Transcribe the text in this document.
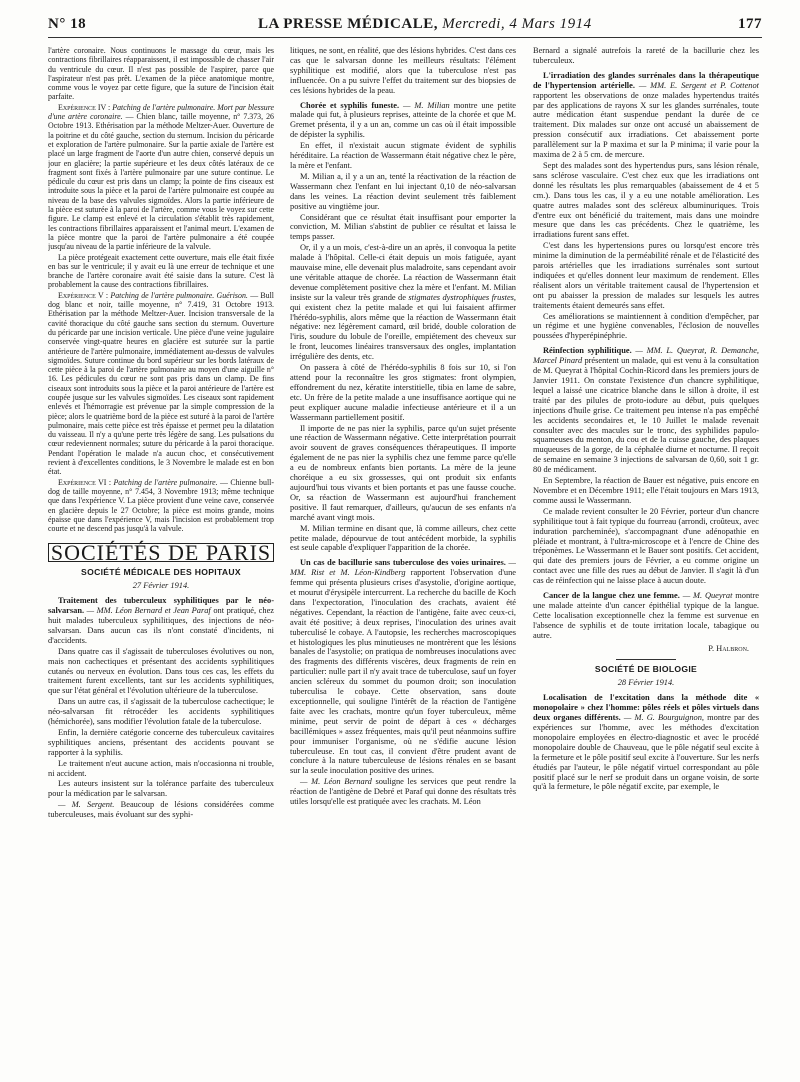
N° 18	LA PRESSE MÉDICALE, Mercredi, 4 Mars 1914	177

l'artère coronaire. Nous continuons le massage du cœur, mais les contractions fibrillaires réapparaissent, il est impossible de chasser l'air du ventricule du cœur. Il n'est pas possible de l'aspirer, parce que l'aspirateur n'est pas prêt. L'examen de la pièce anatomique montre, comme vous le voyez par cette figure, que la suture de l'incision était parfaite.

Expérience IV : Patching de l'artère pulmonaire. Mort par blessure d'une artère coronaire. — Chien blanc, taille moyenne, n° 7.373, 26 Octobre 1913. Ethérisation par la méthode Meltzer-Auer. Ouverture de la poitrine et du côté gauche, section du sternum. Incision du péricarde et exploration de l'artère pulmonaire. Sur la partie axiale de l'artère est placé un large fragment de l'aorte d'un autre chien, conservé depuis un jour en glacière; la partie supérieure et les deux côtés latéraux de ce fragment sont fixés à l'artère pulmonaire par une suture continue. Le pédicule du cœur est pris dans un clamp; la pointe de fins ciseaux est introduite sous la pièce et la paroi de l'artère pulmonaire est coupée au niveau de la base des valvules sigmoïdes. Alors la partie inférieure de la pièce est suturée à la paroi de l'artère, comme vous le voyez sur cette figure. Le clamp est enlevé et la circulation s'établit très rapidement, les contractions fibrillaires apparaissent et l'animal meurt. L'examen de la pièce montre que la paroi de l'artère pulmonaire a été coupée jusqu'au niveau de la partie inférieure de la valvule.

La pièce protégeait exactement cette ouverture, mais elle était fixée en bas sur le ventricule; il y avait eu là une erreur de technique et une branche de l'artère coronaire avait été saisie dans la suture. C'est là probablement la cause des contractions fibrillaires.

Expérience V : Patching de l'artère pulmonaire. Guérison. — Bull dog blanc et noir, taille moyenne, n° 7.419, 31 Octobre 1913. Ethérisation par la méthode Meltzer-Auer. Incision transversale de la cavité thoracique du côté gauche sans section du sternum. Ouverture du péricarde par une incision verticale. Une pièce d'une veine jugulaire conservée vingt-quatre heures en glacière est suturée sur la partie antérieure de l'artère pulmonaire, immédiatement au-dessus de valvules sigmoïdes. Suture continue du bord supérieur sur les bords latéraux de cette pièce à la paroi de l'artère pulmonaire au moyen d'une aiguille n° 16. Les pédicules du cœur ne sont pas pris dans un clamp. De fins ciseaux sont introduits sous la pièce et la paroi antérieure de l'artère est coupée jusque sur les valvules sigmoïdes. Les ciseaux sont rapidement enlevés et l'hémorragie est prévenue par la simple compression de la pièce; alors le quatrième bord de la pièce est suturé à la paroi de l'artère pulmonaire, mais cette pièce est très épaisse et permet peu la dilatation du vaisseau. Il n'y a qu'une perte très légère de sang. Les pulsations du cœur redeviennent normales; suture du péricarde à la paroi thoracique. Pendant l'opération le malade n'a aucun choc, et consécutivement revient à d'excellentes conditions, le 3 Novembre le malade est en bon état.

Expérience VI : Patching de l'artère pulmonaire. — Chienne bull-dog de taille moyenne, n° 7.454, 3 Novembre 1913; même technique que dans l'expérience V. La pièce provient d'une veine cave, conservée en glacière depuis le 27 Octobre; la pièce est moins grande, moins épaisse que dans l'expérience V, mais l'incision est probablement trop courte et ne descend pas jusqu'à la valvule.

SOCIÉTÉS DE PARIS
SOCIÉTÉ MÉDICALE DES HOPITAUX
27 Février 1914.

Traitement des tuberculeux syphilitiques par le néo-salvarsan. — MM. Léon Bernard et Jean Paraf ont pratiqué, chez huit malades tuberculeux syphilitiques, des injections de néo-salvarsan. Dans aucun cas ils n'ont constaté d'incidents, ni d'accidents.

Dans quatre cas il s'agissait de tuberculoses évolutives ou non, mais non cachectiques et présentant des accidents syphilitiques cutanés ou nerveux en évolution. Dans tous ces cas, les effets du traitement furent excellents, tant sur les accidents syphilitiques, que sur l'état général et l'évolution ultérieure de la tuberculose.

Dans un autre cas, il s'agissait de la tuberculose cachectique; le néo-salvarsan fit rétrocéder les accidents syphilitiques (hémichorée), sans modifier l'évolution fatale de la tuberculose.

Enfin, la dernière catégorie concerne des tuberculeux cavitaires syphilitiques anciens, présentant des accidents pouvant se rapporter à la syphilis.

Le traitement n'eut aucune action, mais n'occasionna ni trouble, ni accident.

Les auteurs insistent sur la tolérance parfaite des tuberculeux pour la médication par le salvarsan.

— M. Sergent. Beaucoup de lésions considérées comme tuberculeuses, mais évoluant sur des syphi-

litiques, ne sont, en réalité, que des lésions hybrides. C'est dans ces cas que le salvarsan donne les meilleurs résultats: l'élément syphilitique est modifié, alors que la tuberculose n'est pas influencée. On a pu suivre l'effet du traitement sur des biopsies de ces lésions hybrides de la peau.

Chorée et syphilis funeste. — M. Milian montre une petite malade qui fut, à plusieurs reprises, atteinte de la chorée et que M. Gremet présenta, il y a un an, comme un cas où il était impossible de dépister la syphilis.

En effet, il n'existait aucun stigmate évident de syphilis héréditaire. La réaction de Wassermann était négative chez le père, la mère et l'enfant.

M. Milian a, il y a un an, tenté la réactivation de la réaction de Wassermann chez l'enfant en lui injectant 0,10 de néo-salvarsan dans les veines. La réaction devint seulement très faiblement positive au vingtième jour.

Considérant que ce résultat était insuffisant pour emporter la conviction, M. Milian s'abstint de publier ce résultat et laissa le temps passer.

Or, il y a un mois, c'est-à-dire un an après, il convoqua la petite malade à l'hôpital. Celle-ci était depuis un mois fatiguée, ayant mauvaise mine, elle devenait plus maladroite, sans cependant avoir une véritable attaque de chorée. La réaction de Wassermann était devenue complètement positive chez la mère et l'enfant. M. Milian insiste sur la valeur très grande de stigmates dystrophiques frustes, qui existent chez la petite malade et qui lui faisaient affirmer l'hérédo-syphilis, alors même que la réaction de Wassermann était négative: nez légèrement camard, œil bridé, double coloration de l'iris, soudure du lobule de l'oreille, empiétement des cheveux sur le front, leucomes linéaires transversaux des ongles, implantation irrégulière des dents, etc.

On passera à côté de l'hérédo-syphilis 8 fois sur 10, si l'on attend pour la reconnaître les gros stigmates: front olympien, effondrement du nez, kératite interstitielle, tibia en lame de sabre, etc. Un frère de la petite malade a une insuffisance aortique qui ne peut expliquer aucune maladie infectieuse antérieure et il a un Wassermann partiellement positif.

Il importe de ne pas nier la syphilis, parce qu'un sujet présente une réaction de Wassermann négative. Cette interprétation pourrait avoir souvent de graves conséquences thérapeutiques. Il importe également de ne pas nier la syphilis chez une femme parce qu'elle a eu de nombreux enfants bien portants. La mère de la jeune choréique a eu six grossesses, qui ont produit six enfants aujourd'hui tous vivants et bien portants et pas une fausse couche. Or, sa réaction de Wassermann est aujourd'hui franchement positive. Il faut remarquer, d'ailleurs, qu'aucun de ses enfants n'a marché avant vingt mois.

M. Milian termine en disant que, là comme ailleurs, chez cette petite malade, dépourvue de tout antécédent morbide, la syphilis est seule capable d'expliquer l'apparition de la chorée.

Un cas de bacillurie sans tuberculose des voies urinaires. — MM. Rist et M. Léon-Kindberg rapportent l'observation d'une femme qui présenta plusieurs crises d'asystolie, d'origine aortique, et mourut d'érysipèle intercurrent. La recherche du bacille de Koch dans l'expectoration, l'inoculation des crachats, avaient été négatives. Cependant, la réaction de l'antigène, faite avec ceux-ci, avait été positive; à deux reprises, l'inoculation des urines avait tuberculisé le cobaye. A l'autopsie, les recherches macroscopiques et histologiques les plus minutieuses ne montrèrent que les lésions banales de l'asystolie; on pratiqua de nombreuses inoculations avec des fragments des différents viscères, deux fragments de rein en particulier: nulle part il n'y avait trace de tuberculose, sauf un foyer ancien scléreux du sommet du poumon droit; son inoculation tuberculisa le cobaye. Cette observation, sans doute exceptionnelle, qui souligne l'intérêt de la réaction de l'antigène faite avec les crachats, montre qu'un foyer tuberculeux, même minime, peut servir de point de départ à ces « décharges bacillémiques » assez fréquentes, mais qu'il peut néanmoins suffire pour immuniser l'organisme, où ne s'édifie aucune lésion tuberculeuse. En tout cas, il convient d'être prudent avant de conclure à la nature tuberculeuse de lésions rénales en se basant sur la seule inoculation positive des urines.

— M. Léon Bernard souligne les services que peut rendre la réaction de l'antigène de Debré et Paraf qui donne des résultats très utiles lorsqu'elle est pratiquée avec les crachats. M. Léon

Bernard a signalé autrefois la rareté de la bacillurie chez les tuberculeux.

L'irradiation des glandes surrénales dans la thérapeutique de l'hypertension artérielle. — MM. E. Sergent et P. Cottenot rapportent les observations de onze malades hypertendus traités par des applications de rayons X sur les glandes surrénales, toute autre médication étant suspendue pendant la durée de ce traitement. Dix malades sur onze ont accusé un abaissement de pression consécutif aux irradiations. Cet abaissement porte parallèlement sur la P maxima et sur la P minima; il varie pour la maxima de 2 à 5 cm. de mercure.

Sept des malades sont des hypertendus purs, sans lésion rénale, sans sclérose vasculaire. C'est chez eux que les irradiations ont donné les résultats les plus remarquables (abaissement de 4 et 5 cm.). Dans tous les cas, il y a eu une notable amélioration. Les quatre autres malades sont des scléreux albuminuriques. Trois d'entre eux ont bénéficié du traitement, mais dans une moindre mesure que dans les cas précédents. Chez le quatrième, les irradiations furent sans effet.

C'est dans les hypertensions pures ou lorsqu'est encore très minime la diminution de la perméabilité rénale et de l'élasticité des parois artérielles que les irradiations surrénales sont surtout indiquées et qu'elles donnent leur maximum de rendement. Elles réalisent alors un véritable traitement causal de l'hypertension et ont pu abaisser la pression de malades sur lesquels les autres traitements étaient demeurés sans effet.

Ces améliorations se maintiennent à condition d'empêcher, par un régime et une hygiène convenables, l'éclosion de nouvelles poussées d'hyperépinéphrie.

Réinfection syphilitique. — MM. L. Queyrat, R. Demanche, Marcel Pinard présentent un malade, qui est venu à la consultation de M. Queyrat à l'hôpital Cochin-Ricord dans les premiers jours de Janvier 1911. On constate l'existence d'un chancre syphilitique, lequel a laissé une cicatrice blanche dans le sillon à droite, il est traité par des pilules de proto-iodure au début, puis quelques injections d'huile grise. Ce traitement peu intense n'a pas empêché les accidents secondaires et, le 10 Juillet le malade revenait consulter avec des macules sur le tronc, des syphilides papulo-squameuses du menton, du cou et de la cuisse gauche, des plaques muqueuses de la gorge, de la céphalée diurne et nocturne. Il reçoit de semaine en semaine 3 injections de salvarsan de 0,60, soit 1 gr. 80 de médicament.

En Septembre, la réaction de Bauer est négative, puis encore en Novembre et en Décembre 1911; elle l'était toujours en Mars 1913, comme aussi le Wassermann.

Ce malade revient consulter le 20 Février, porteur d'un chancre syphilitique tout à fait typique du fourreau (arrondi, croûteux, avec induration parcheminée), s'accompagnant d'une adénopathie en pléiade et montrant, à l'ultra-microscope et à l'encre de Chine des tréponèmes. Le Wassermann et le Bauer sont positifs. Cet accident, qui date des premiers jours de Février, a eu comme origine un contact avec une fille des rues au début de Janvier. Il s'agit là d'un cas de réinfection qui ne laisse place à aucun doute.

Cancer de la langue chez une femme. — M. Queyrat montre une malade atteinte d'un cancer épithélial typique de la langue. Cette localisation exceptionnelle chez la femme est survenue en l'absence de syphilis et de toute irritation locale, tabagique ou autre.

P. Halbron.
SOCIÉTÉ DE BIOLOGIE
28 Février 1914.

Localisation de l'excitation dans la méthode dite « monopolaire » chez l'homme: pôles réels et pôles virtuels dans deux organes différents. — M. G. Bourguignon, montre par des expériences sur l'homme, avec les méthodes d'excitation monopolaire employées en électro-diagnostic et avec le procédé monopolaire double de Chauveau, que le pôle négatif seul excite à la fermeture et le pôle positif seul excite à l'ouverture. Sur les nerfs étudiés par l'auteur, le pôle négatif virtuel correspondant au pôle positif placé sur le nerf se produit dans un organe voisin, de sorte qu'à la fermeture, le pôle négatif excite, par exemple, le
